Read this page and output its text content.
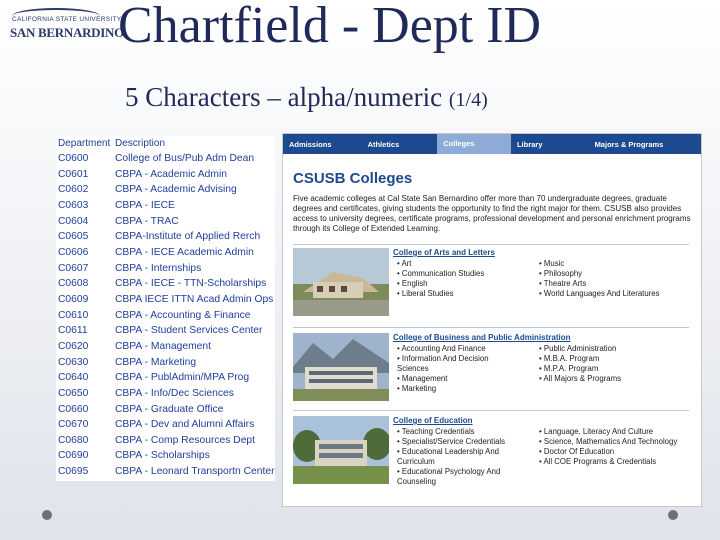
CALIFORNIA STATE UNIVERSITY
SAN BERNARDINO
Chartfield - Dept ID
5 Characters – alpha/numeric (1/4)
Department Description
C0600	College of Bus/Pub Adm Dean
C0601	CBPA - Academic Admin
C0602	CBPA - Academic Advising
C0603	CBPA - IECE
C0604	CBPA - TRAC
C0605	CBPA-Institute of Applied Rerch
C0606	CBPA - IECE Academic Admin
C0607	CBPA - Internships
C0608	CBPA - IECE - TTN-Scholarships
C0609	CBPA IECE ITTN Acad Admin Ops
C0610	CBPA - Accounting & Finance
C0611	CBPA - Student Services Center
C0620	CBPA - Management
C0630	CBPA - Marketing
C0640	CBPA - PublAdmin/MPA Prog
C0650	CBPA - Info/Dec Sciences
C0660	CBPA - Graduate Office
C0670	CBPA - Dev and Alumni Affairs
C0680	CBPA - Comp Resources Dept
C0690	CBPA - Scholarships
C0695	CBPA - Leonard Transportn Center
Admissions	Athletics	Colleges	Library	Majors & Programs
CSUSB Colleges
Five academic colleges at Cal State San Bernardino offer more than 70 undergraduate degrees, graduate degrees and certificates, giving students the opportunity to find the right major for them. CSUSB also provides access to university degrees, certificate programs, professional development and personal enrichment programs through its College of Extended Learning.
College of Arts and Letters
• Art
• Communication Studies
• English
• Liberal Studies
• Music
• Philosophy
• Theatre Arts
• World Languages And Literatures
College of Business and Public Administration
• Accounting And Finance
• Information And Decision Sciences
• Management
• Marketing
• Public Administration
• M.B.A. Program
• M.P.A. Program
• All Majors & Programs
College of Education
• Teaching Credentials
• Specialist/Service Credentials
• Educational Leadership And Curriculum
• Educational Psychology And Counseling
• Language, Literacy And Culture
• Science, Mathematics And Technology
• Doctor Of Education
• All COE Programs & Credentials
